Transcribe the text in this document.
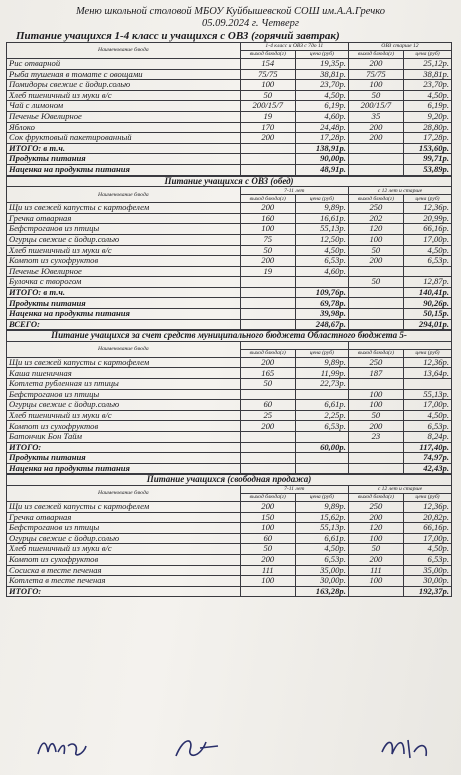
Меню школьной столовой МБОУ Куйбышевской СОШ им.А.А.Гречко
05.09.2024 г. Четверг
Питание учащихся 1-4 класс и учащихся с ОВЗ (горячий завтрак)
Наименование блюда	1-4 класс и ОВЗ с 7до 11		ОВЗ старше 12	
	выход блюда(г)	цена (руб)	выход блюда(г)	цена (руб)
Рис отварной	154	19,35р.	200	25,12р.
Рыба тушеная в томате с овощами	75/75	38,81р.	75/75	38,81р.
Помидоры свежие с йодир.солью	100	23,70р.	100	23,70р.
Хлеб пшеничный из муки в/с	50	4,50р.	50	4,50р.
Чай с лимоном	200/15/7	6,19р.	200/15/7	6,19р.
Печенье Ювелирное	19	4,60р.	35	9,20р.
Яблоко	170	24,48р.	200	28,80р.
Сок фруктовый пакетированный	200	17,28р.	200	17,28р.
ИТОГО: в т.ч.		138,91р.		153,60р.
Продукты питания		90,00р.		99,71р.
Наценка на продукты питания		48,91р.		53,89р.
Питание учащихся с ОВЗ (обед)				
Наименование блюда	7-11 лет		с 12 лет и старше	
	выход блюда(г)	цена (руб)	выход блюда(г)	цена (руб)
Щи из свежей капусты с картофелем	200	9,89р.	250	12,36р.
Гречка отварная	160	16,61р.	202	20,99р.
Бефстроганов из птицы	100	55,13р.	120	66,16р.
Огурцы свежие с йодир.солью	75	12,50р.	100	17,00р.
Хлеб пшеничный из муки в/с	50	4,50р.	50	4,50р.
Компот из сухофруктов	200	6,53р.	200	6,53р.
Печенье Ювелирное	19	4,60р.		
Булочка с творогом			50	12,87р.
ИТОГО: в т.ч.		109,76р.		140,41р.
Продукты питания		69,78р.		90,26р.
Наценка на продукты питания		39,98р.		50,15р.
ВСЕГО:		248,67р.		294,01р.
Питание учащихся за счет средств муниципального бюджета Областного бюджета 5-				
Наименование блюда				
	выход блюда(г)	цена (руб)	выход блюда(г)	цена (руб)
Щи из свежей капусты с картофелем	200	9,89р.	250	12,36р.
Каша пшеничная	165	11,99р.	187	13,64р.
Котлета рубленная из птицы	50	22,73р.		
Бефстроганов из птицы			100	55,13р.
Огурцы свежие с йодир.солью	60	6,61р.	100	17,00р.
Хлеб пшеничный из муки в/с	25	2,25р.	50	4,50р.
Компот из сухофруктов	200	6,53р.	200	6,53р.
Батончик Бон Тайм			23	8,24р.
ИТОГО:		60,00р.		117,40р.
Продукты питания				74,97р.
Наценка на продукты питания				42,43р.
Питание учащихся (свободная продажа)				
Наименование блюда	7-11 лет		с 12 лет и старше	
	выход блюда(г)	цена (руб)	выход блюда(г)	цена (руб)
Щи из свежей капусты с картофелем	200	9,89р.	250	12,36р.
Гречка отварная	150	15,62р.	200	20,82р.
Бефстроганов из птицы	100	55,13р.	120	66,16р.
Огурцы свежие с йодир.солью	60	6,61р.	100	17,00р.
Хлеб пшеничный из муки в/с	50	4,50р.	50	4,50р.
Компот из сухофруктов	200	6,53р.	200	6,53р.
Сосиска в тесте печеная	111	35,00р.	111	35,00р.
Котлета в тесте печеная	100	30,00р.	100	30,00р.
ИТОГО:		163,28р.		192,37р.
